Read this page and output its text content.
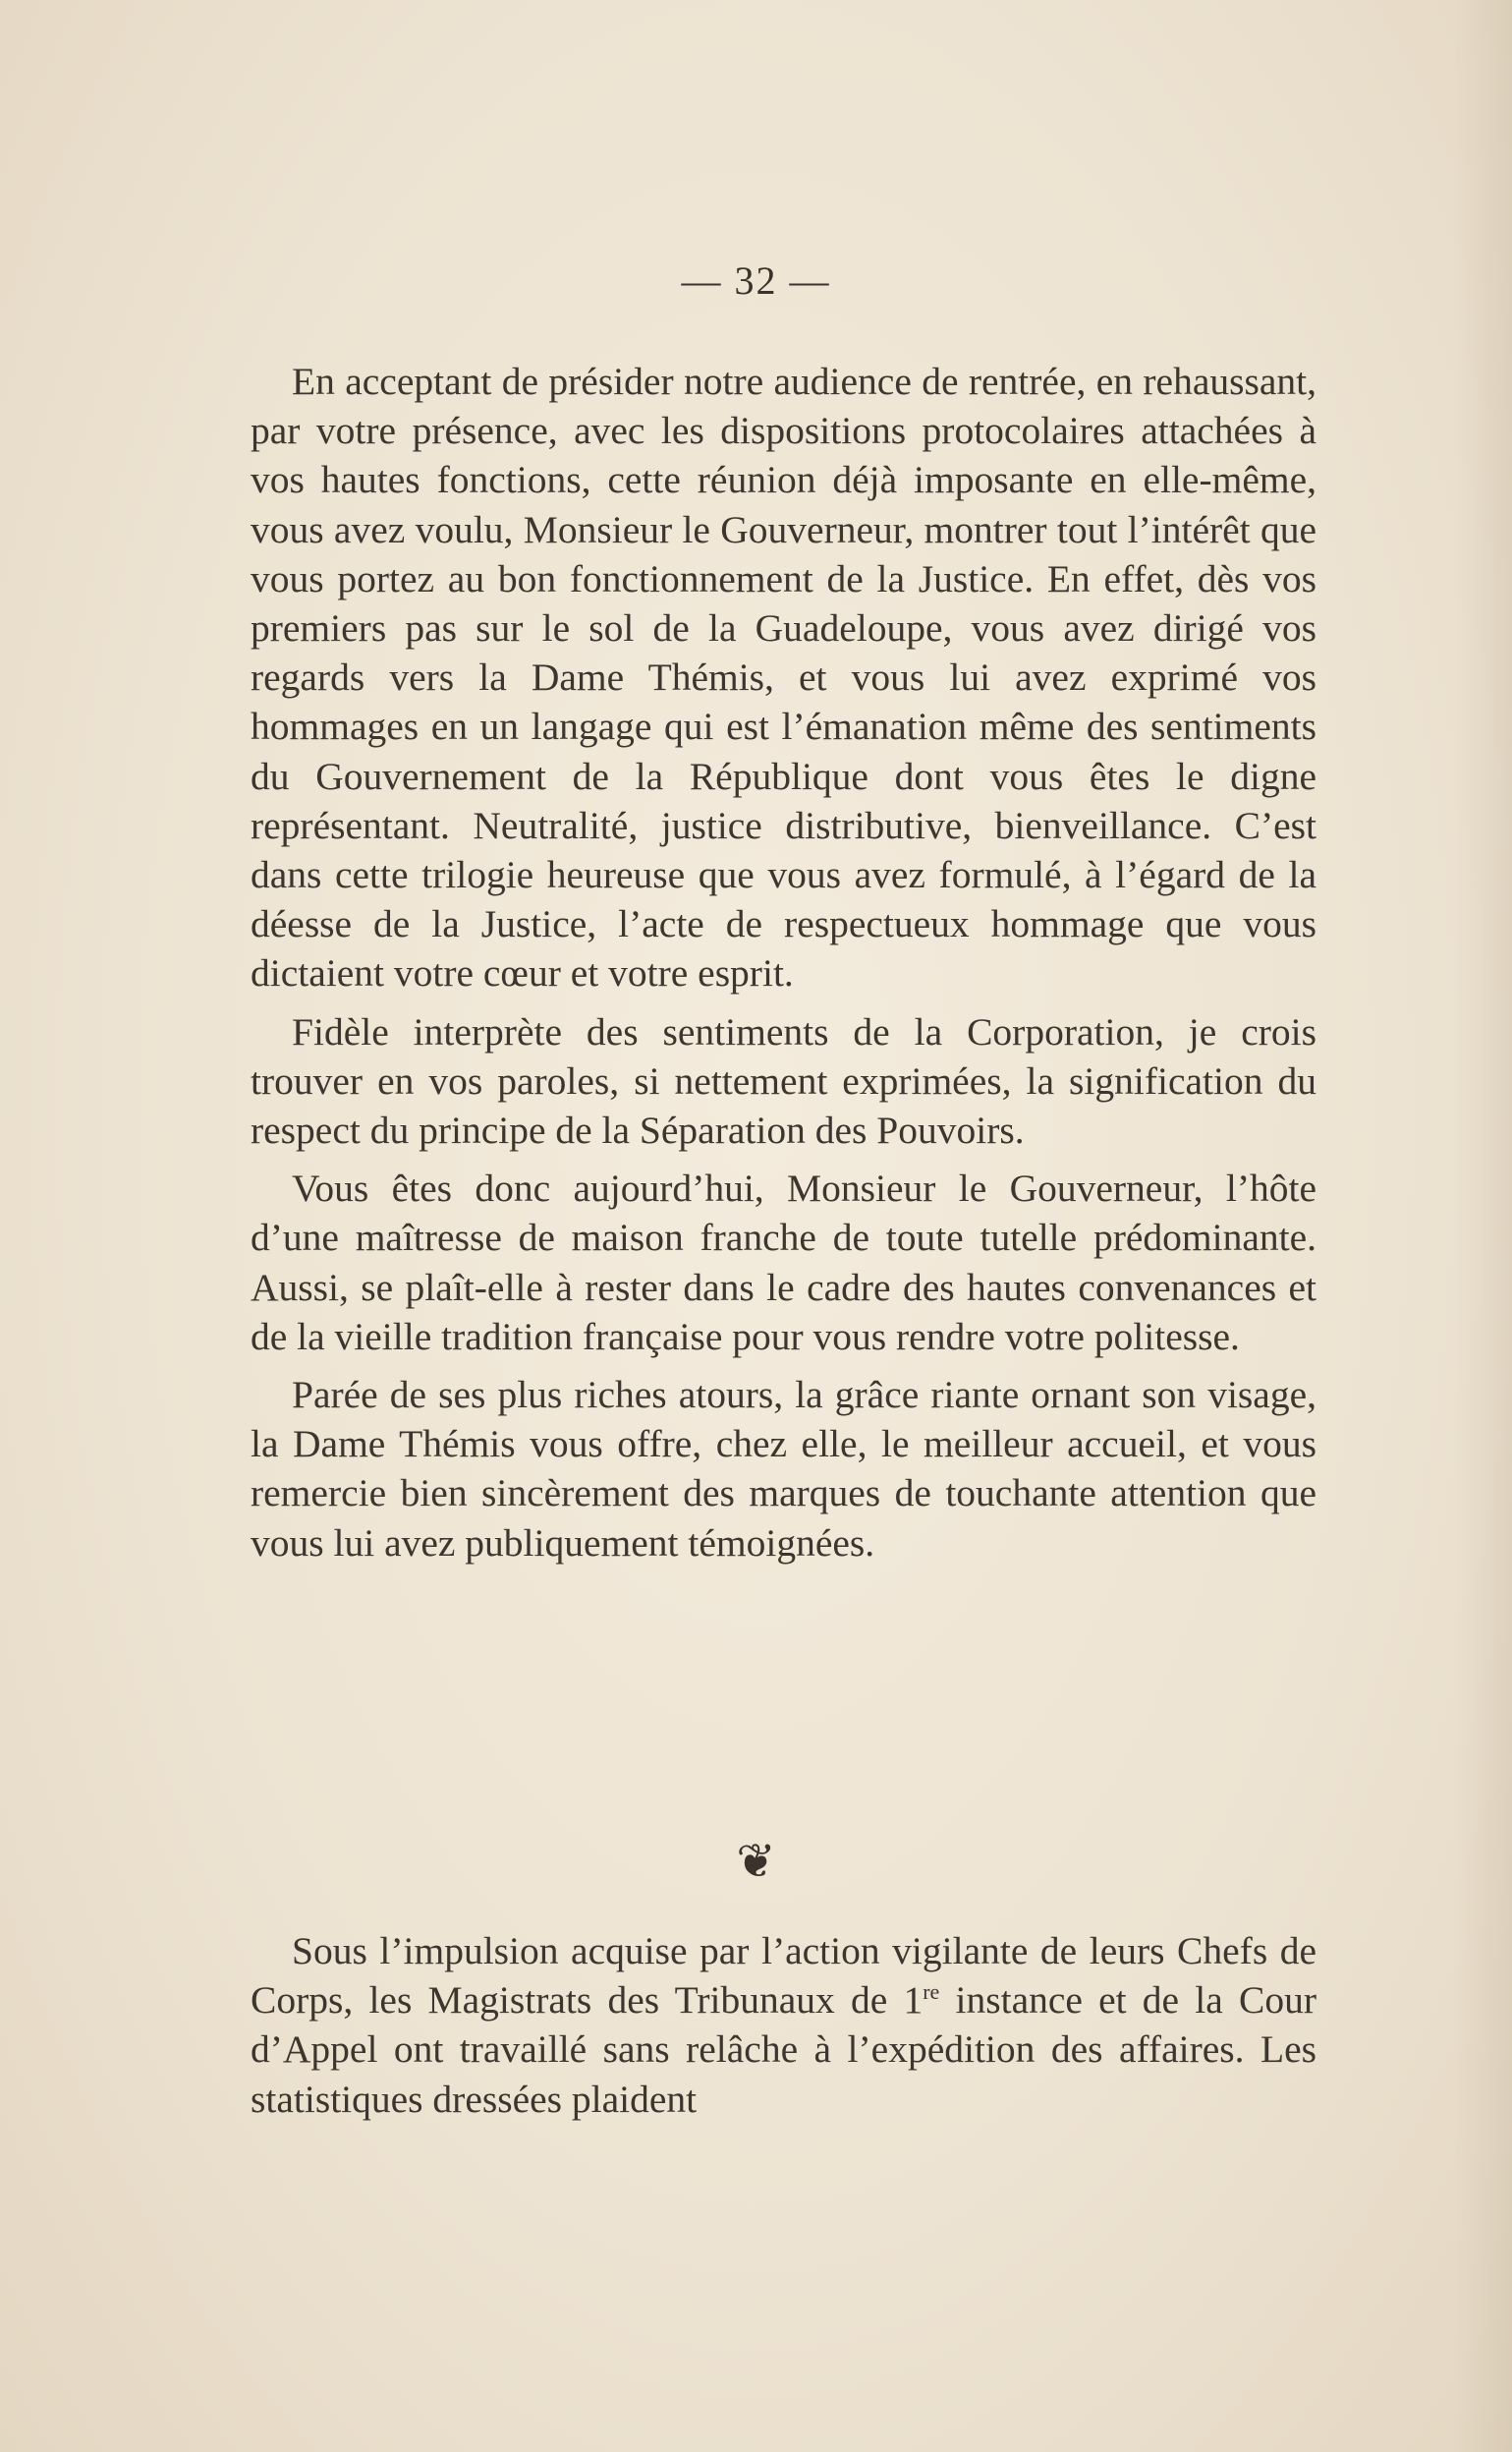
— 32 —

En acceptant de présider notre audience de rentrée, en rehaussant, par votre présence, avec les dispositions protocolaires attachées à vos hautes fonctions, cette réunion déjà imposante en elle-même, vous avez voulu, Monsieur le Gouverneur, montrer tout l’intérêt que vous portez au bon fonctionnement de la Justice. En effet, dès vos premiers pas sur le sol de la Guadeloupe, vous avez dirigé vos regards vers la Dame Thémis, et vous lui avez exprimé vos hommages en un langage qui est l’émanation même des sentiments du Gouvernement de la République dont vous êtes le digne représentant. Neutralité, justice distributive, bienveillance. C’est dans cette trilogie heureuse que vous avez formulé, à l’égard de la déesse de la Justice, l’acte de respectueux hommage que vous dictaient votre cœur et votre esprit.

Fidèle interprète des sentiments de la Corporation, je crois trouver en vos paroles, si nettement exprimées, la signification du respect du principe de la Séparation des Pouvoirs.

Vous êtes donc aujourd’hui, Monsieur le Gouverneur, l’hôte d’une maîtresse de maison franche de toute tutelle prédominante. Aussi, se plaît-elle à rester dans le cadre des hautes convenances et de la vieille tradition française pour vous rendre votre politesse.

Parée de ses plus riches atours, la grâce riante ornant son visage, la Dame Thémis vous offre, chez elle, le meilleur accueil, et vous remercie bien sincèrement des marques de touchante attention que vous lui avez publiquement témoignées.

❦

Sous l’impulsion acquise par l’action vigilante de leurs Chefs de Corps, les Magistrats des Tribunaux de 1re instance et de la Cour d’Appel ont travaillé sans relâche à l’expédition des affaires. Les statistiques dressées plaident
